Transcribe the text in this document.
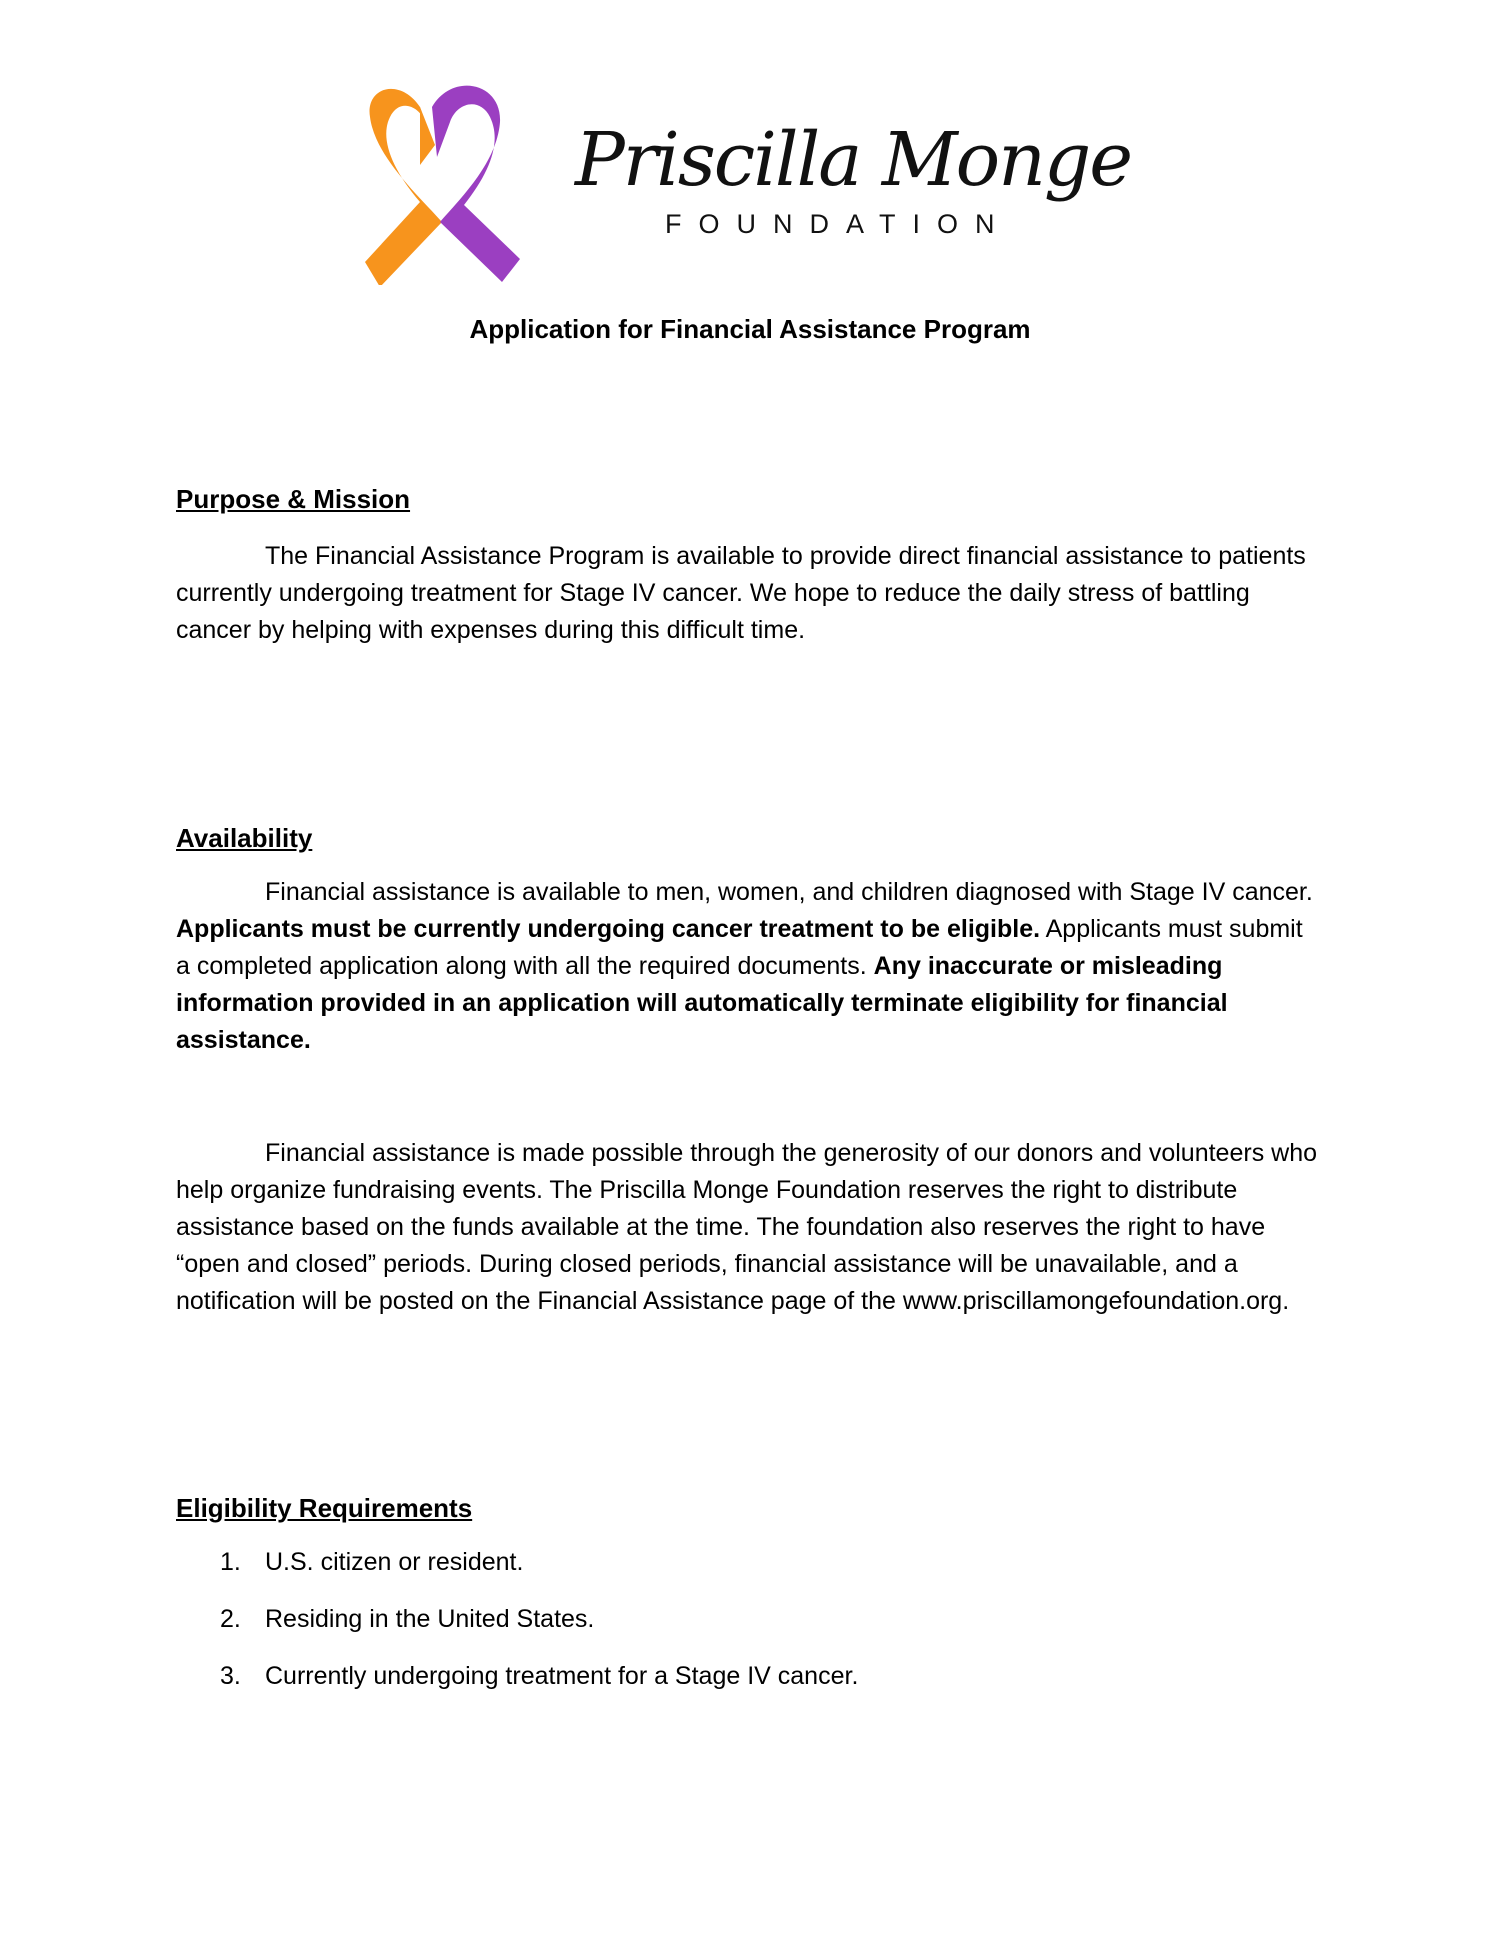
Priscilla Monge
FOUNDATION
Application for Financial Assistance Program
Purpose & Mission
The Financial Assistance Program is available to provide direct financial assistance to patients currently undergoing treatment for Stage IV cancer. We hope to reduce the daily stress of battling cancer by helping with expenses during this difficult time.
Availability
Financial assistance is available to men, women, and children diagnosed with Stage IV cancer. Applicants must be currently undergoing cancer treatment to be eligible. Applicants must submit a completed application along with all the required documents. Any inaccurate or misleading information provided in an application will automatically terminate eligibility for financial assistance.
Financial assistance is made possible through the generosity of our donors and volunteers who help organize fundraising events. The Priscilla Monge Foundation reserves the right to distribute assistance based on the funds available at the time. The foundation also reserves the right to have “open and closed” periods. During closed periods, financial assistance will be unavailable, and a notification will be posted on the Financial Assistance page of the www.priscillamongefoundation.org.
Eligibility Requirements
1. U.S. citizen or resident.
2. Residing in the United States.
3. Currently undergoing treatment for a Stage IV cancer.
